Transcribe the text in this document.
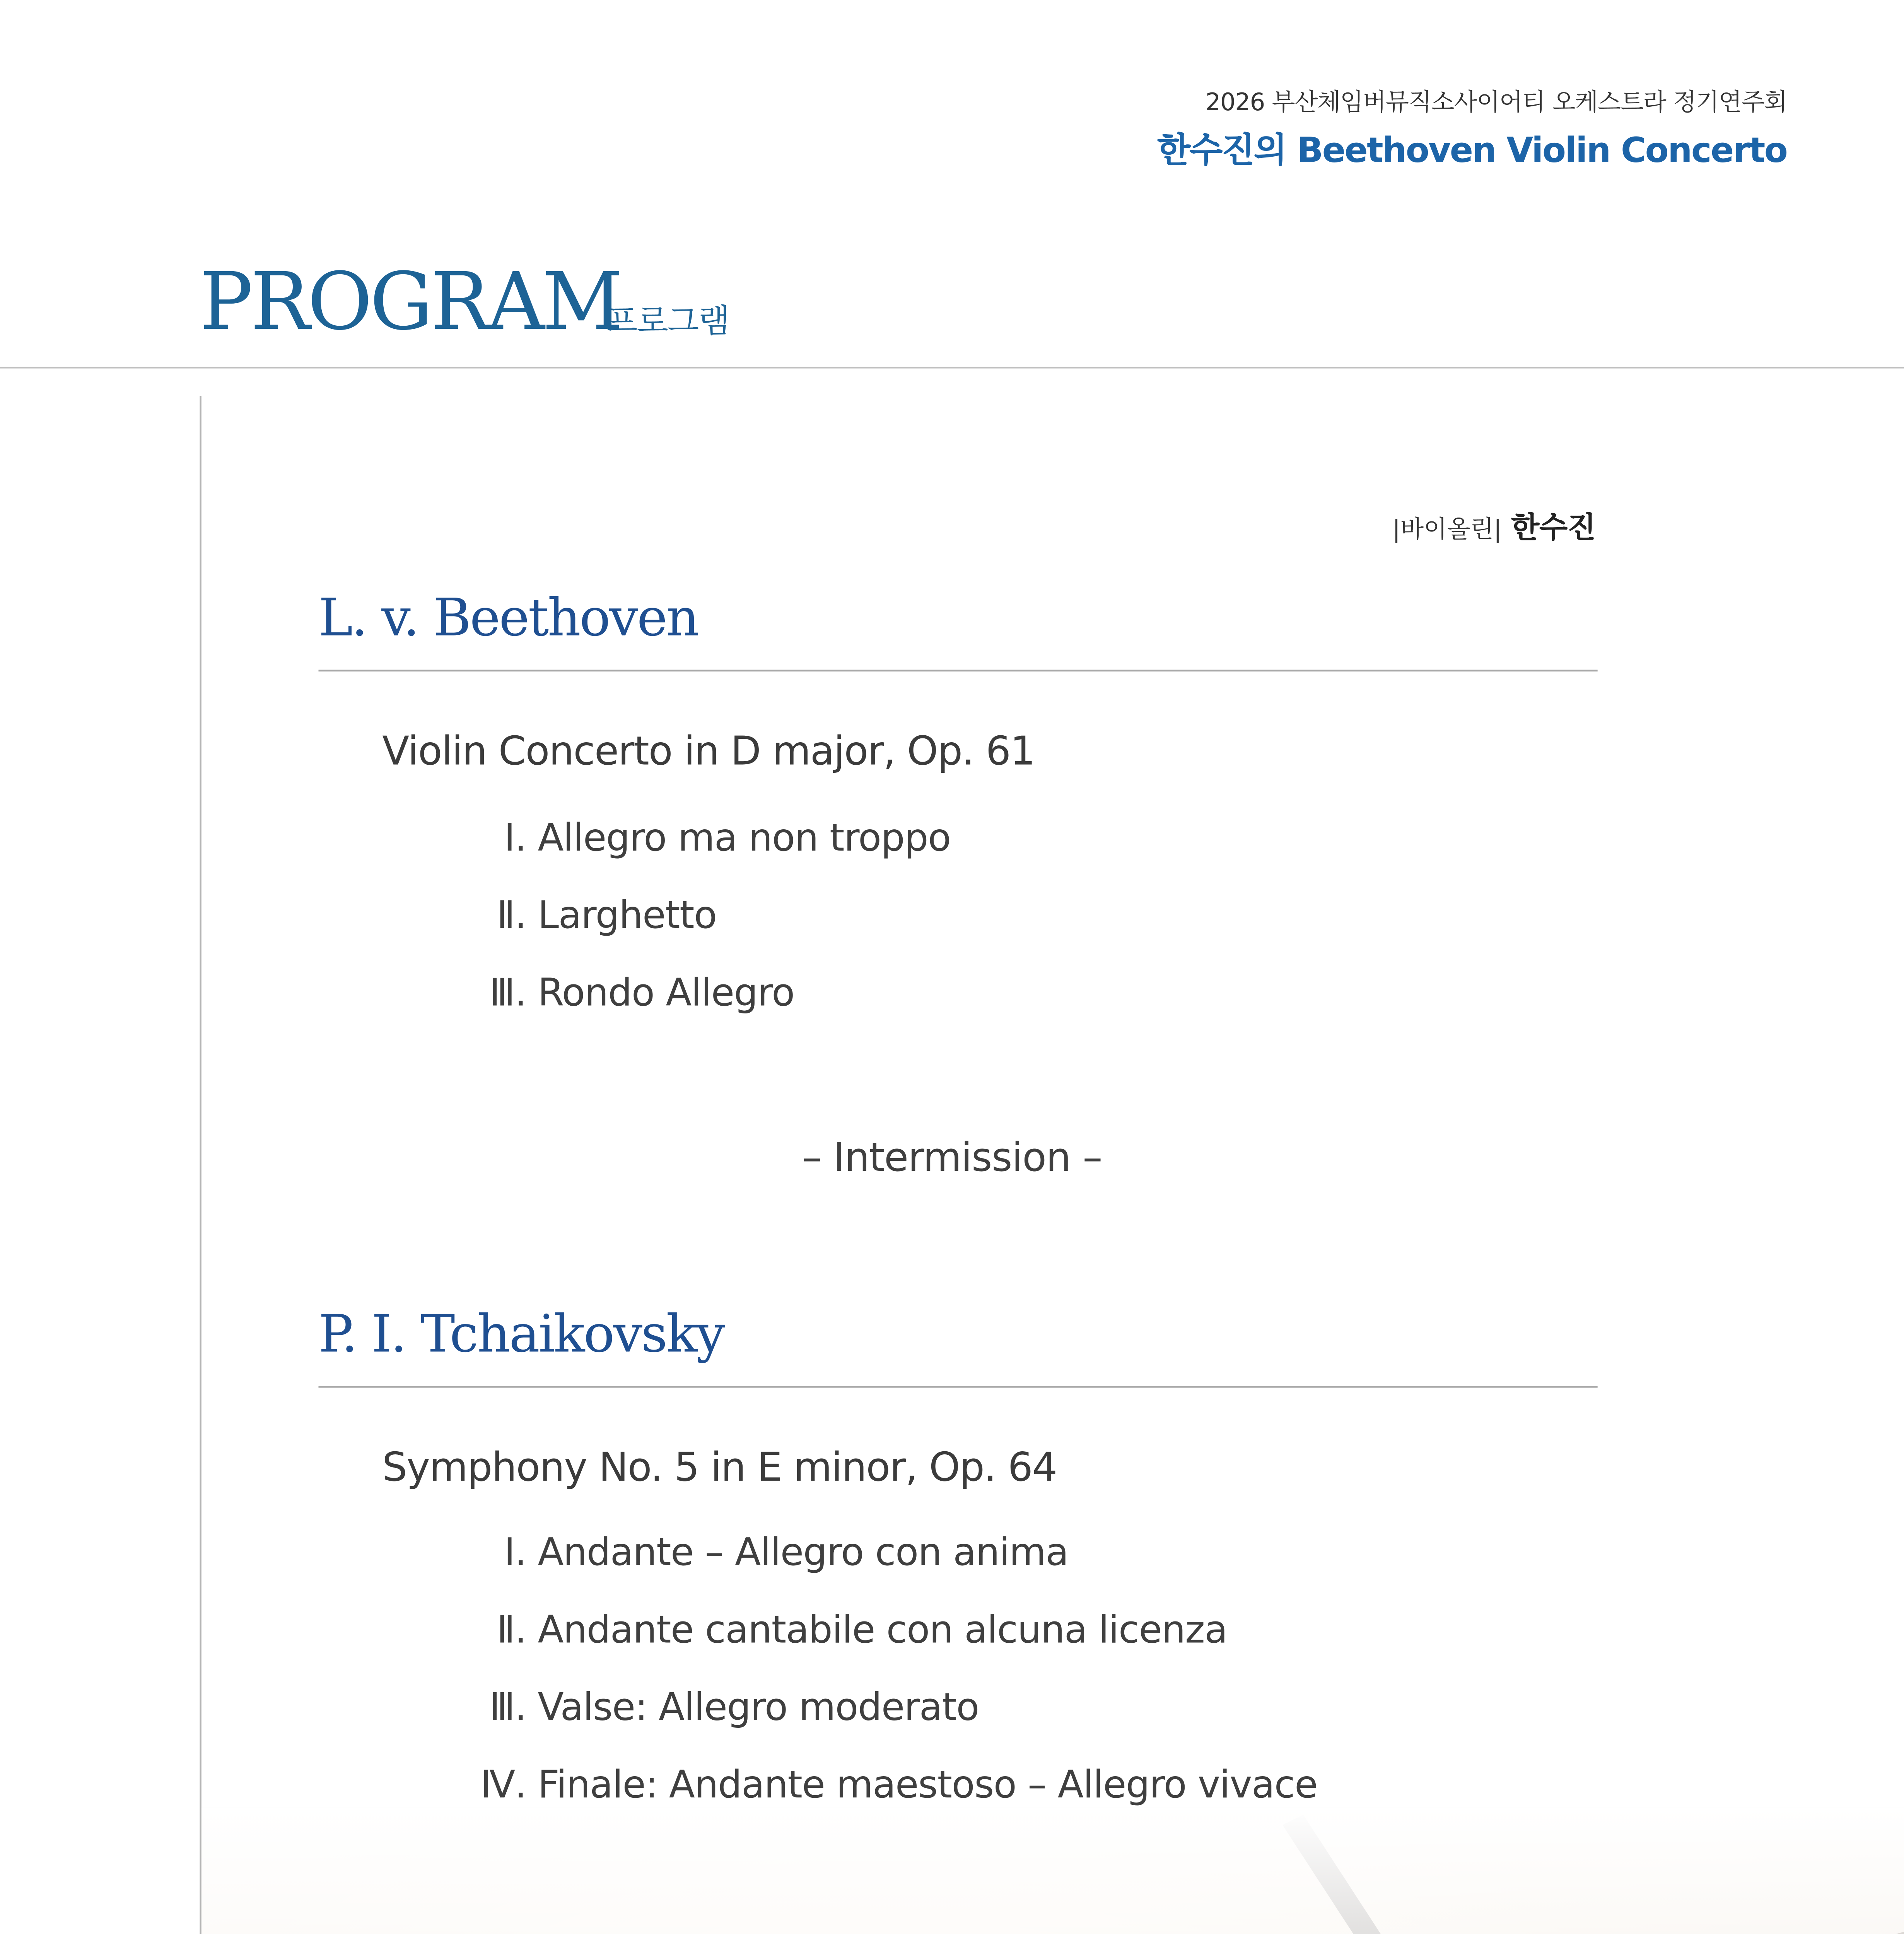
2026 부산체임버뮤직소사이어티 오케스트라 정기연주회
한수진의 Beethoven Violin Concerto
PROGRAM
프로그램
|바이올린| 한수진
L. v. Beethoven
Violin Concerto in D major, Op. 61
Ⅰ. Allegro ma non troppo
Ⅱ. Larghetto
Ⅲ. Rondo Allegro
– Intermission –
P. I. Tchaikovsky
Symphony No. 5 in E minor, Op. 64
Ⅰ. Andante – Allegro con anima
Ⅱ. Andante cantabile con alcuna licenza
Ⅲ. Valse: Allegro moderato
Ⅳ. Finale: Andante maestoso – Allegro vivace
